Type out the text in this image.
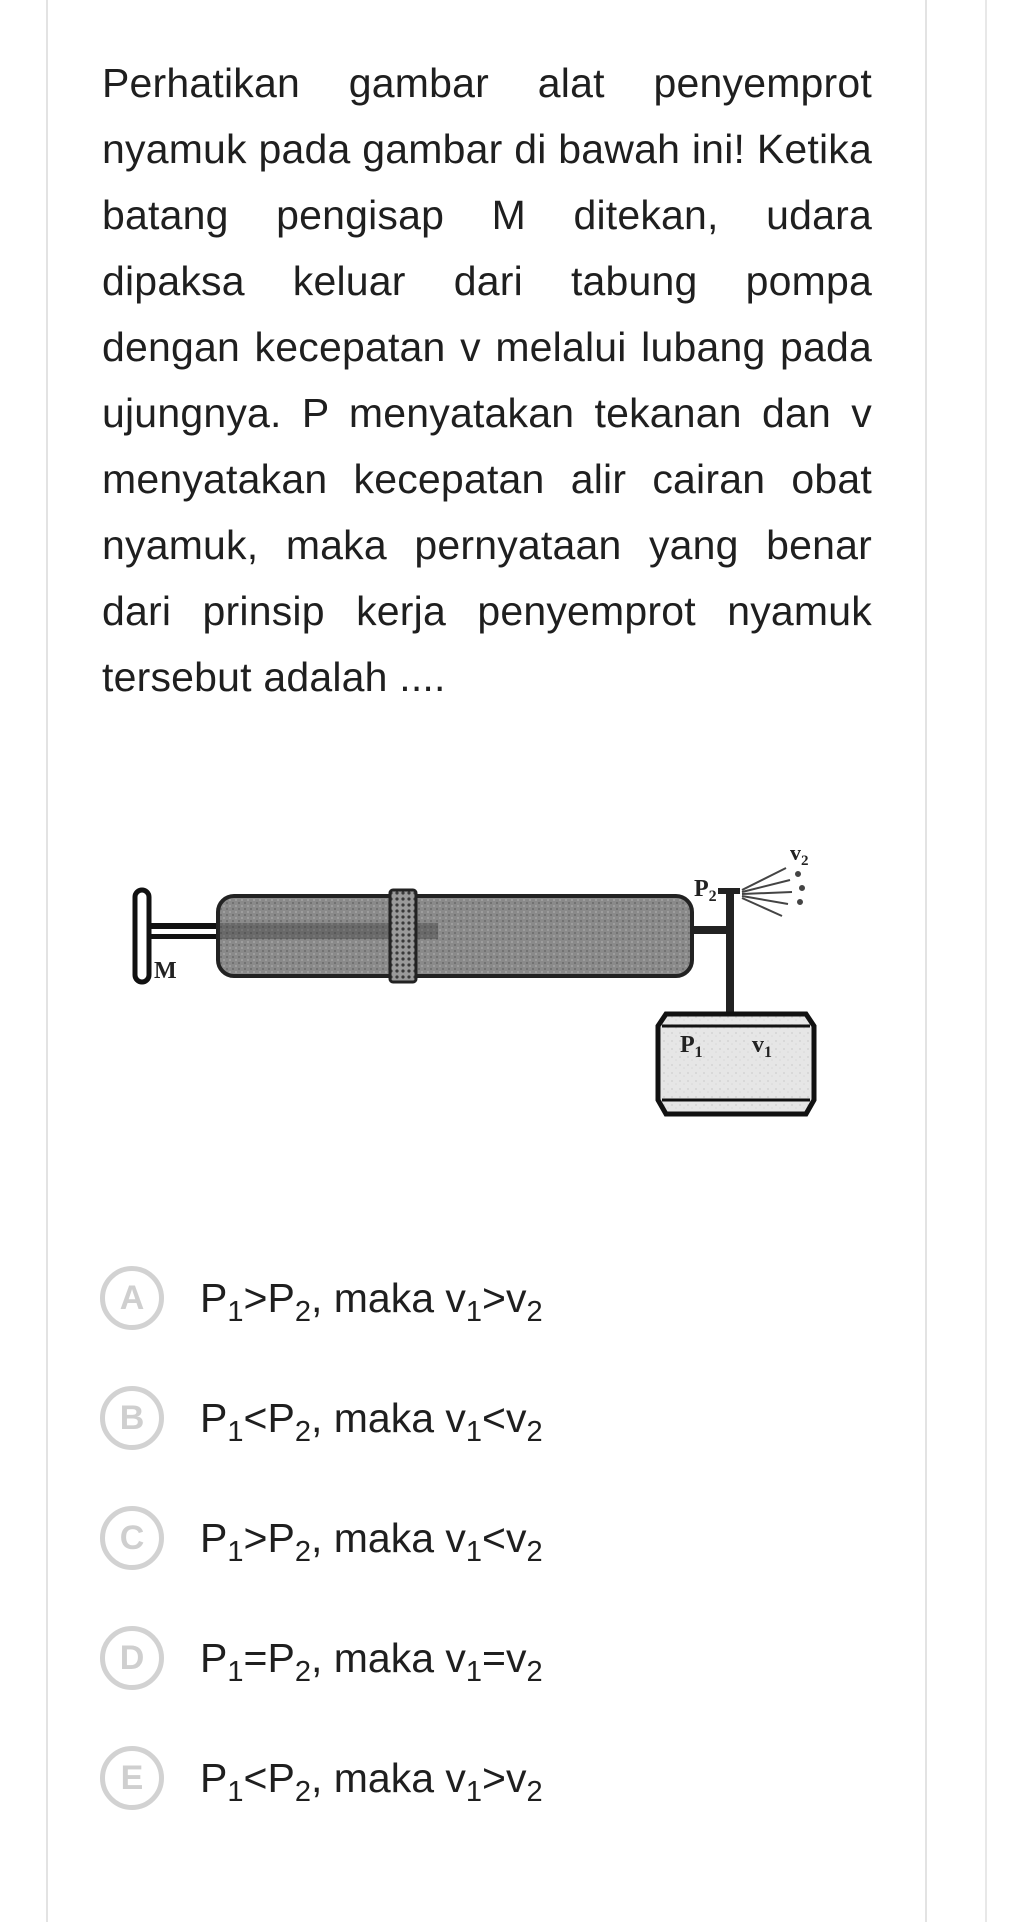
Perhatikan gambar alat penyemprot nyamuk pada gambar di bawah ini! Ketika batang pengisap M ditekan, udara dipaksa keluar dari tabung pompa dengan kecepatan v melalui lubang pada ujungnya. P menyatakan tekanan dan v menyatakan kecepatan alir cairan obat nyamuk, maka pernyataan yang benar dari prinsip kerja penyemprot nyamuk tersebut adalah ....
M
$P_2$
$v_2$
$P_1$ $v_1$
A	$P_1>P_2$, maka $v_1>v_2$
B	$P_1<P_2$, maka $v_1<v_2$
C	$P_1>P_2$, maka $v_1<v_2$
D	$P_1=P_2$, maka $v_1=v_2$
E	$P_1<P_2$, maka $v_1>v_2$
